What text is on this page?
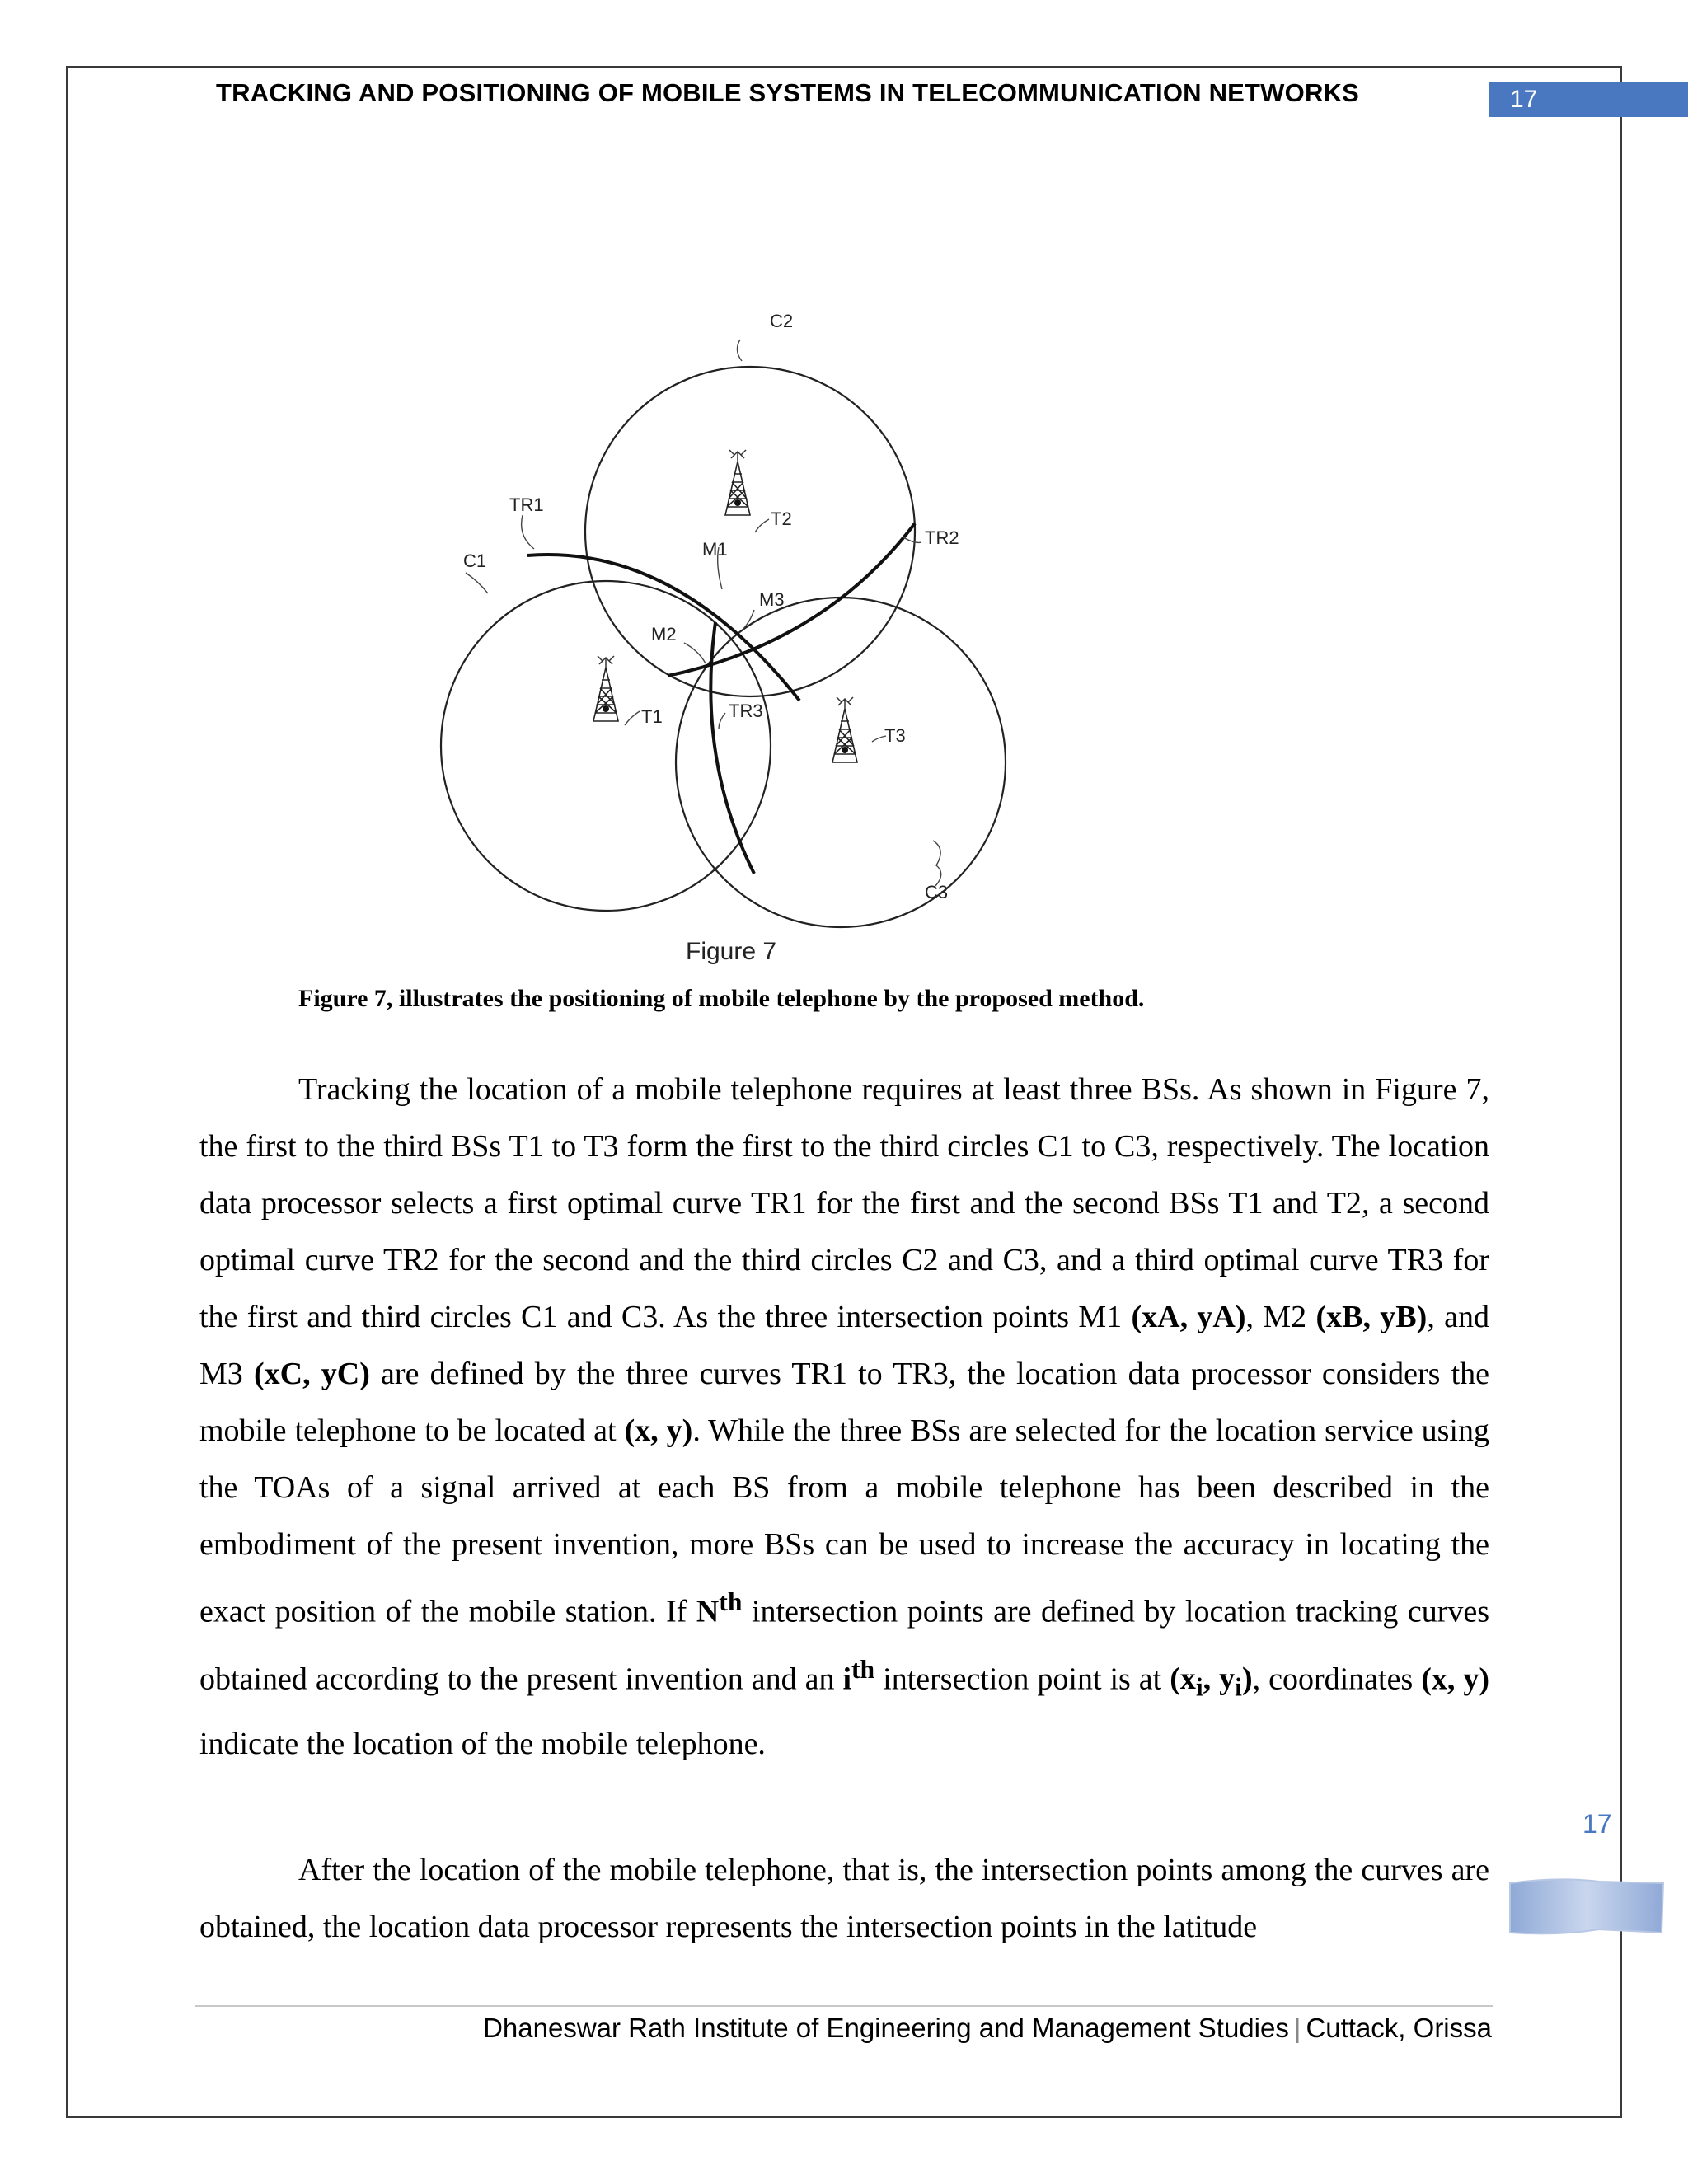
TRACKING AND POSITIONING OF MOBILE SYSTEMS IN TELECOMMUNICATION NETWORKS	17
T2
T1
T3
C2
C1
C3
TR1
TR2
TR3
M1
M2
M3
Figure 7
Figure 7, illustrates the positioning of mobile telephone by the proposed method.

Tracking the location of a mobile telephone requires at least three BSs. As shown in Figure 7, the first to the third BSs T1 to T3 form the first to the third circles C1 to C3, respectively. The location data processor selects a first optimal curve TR1 for the first and the second BSs T1 and T2, a second optimal curve TR2 for the second and the third circles C2 and C3, and a third optimal curve TR3 for the first and third circles C1 and C3. As the three intersection points M1 (xA, yA), M2 (xB, yB), and M3 (xC, yC) are defined by the three curves TR1 to TR3, the location data processor considers the mobile telephone to be located at (x, y). While the three BSs are selected for the location service using the TOAs of a signal arrived at each BS from a mobile telephone has been described in the embodiment of the present invention, more BSs can be used to increase the accuracy in locating the exact position of the mobile station. If $N^{th}$ intersection points are defined by location tracking curves obtained according to the present invention and an $i^{th}$ intersection point is at ($x_i$, $y_i$), coordinates (x, y) indicate the location of the mobile telephone.

17

After the location of the mobile telephone, that is, the intersection points among the curves are obtained, the location data processor represents the intersection points in the latitude

Dhaneswar Rath Institute of Engineering and Management Studies | Cuttack, Orissa
